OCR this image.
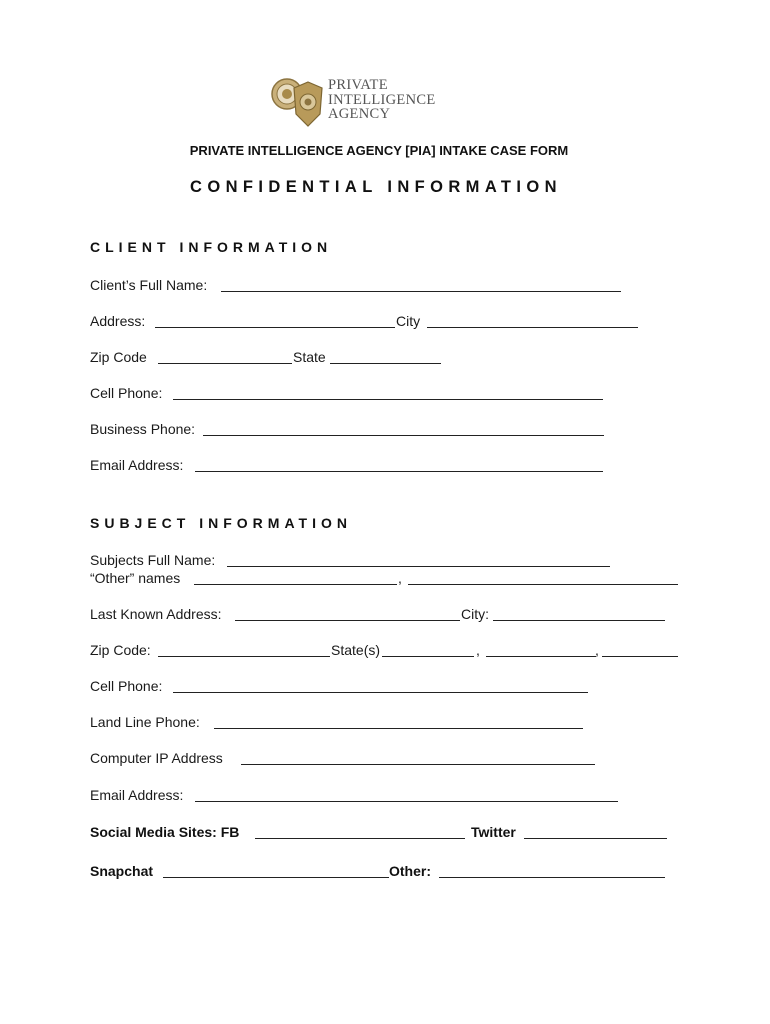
PRIVATE
INTELLIGENCE
AGENCY
PRIVATE INTELLIGENCE AGENCY [PIA] INTAKE CASE FORM
CONFIDENTIAL INFORMATION
CLIENT INFORMATION
Client’s Full Name:
Address:	City
Zip Code	State
Cell Phone:
Business Phone:
Email Address:
SUBJECT INFORMATION
Subjects Full Name:
“Other” names	,
Last Known Address:	City:
Zip Code:	State(s)	,	,
Cell Phone:
Land Line Phone:
Computer IP Address
Email Address:
Social Media Sites: FB	Twitter
Snapchat	Other:
